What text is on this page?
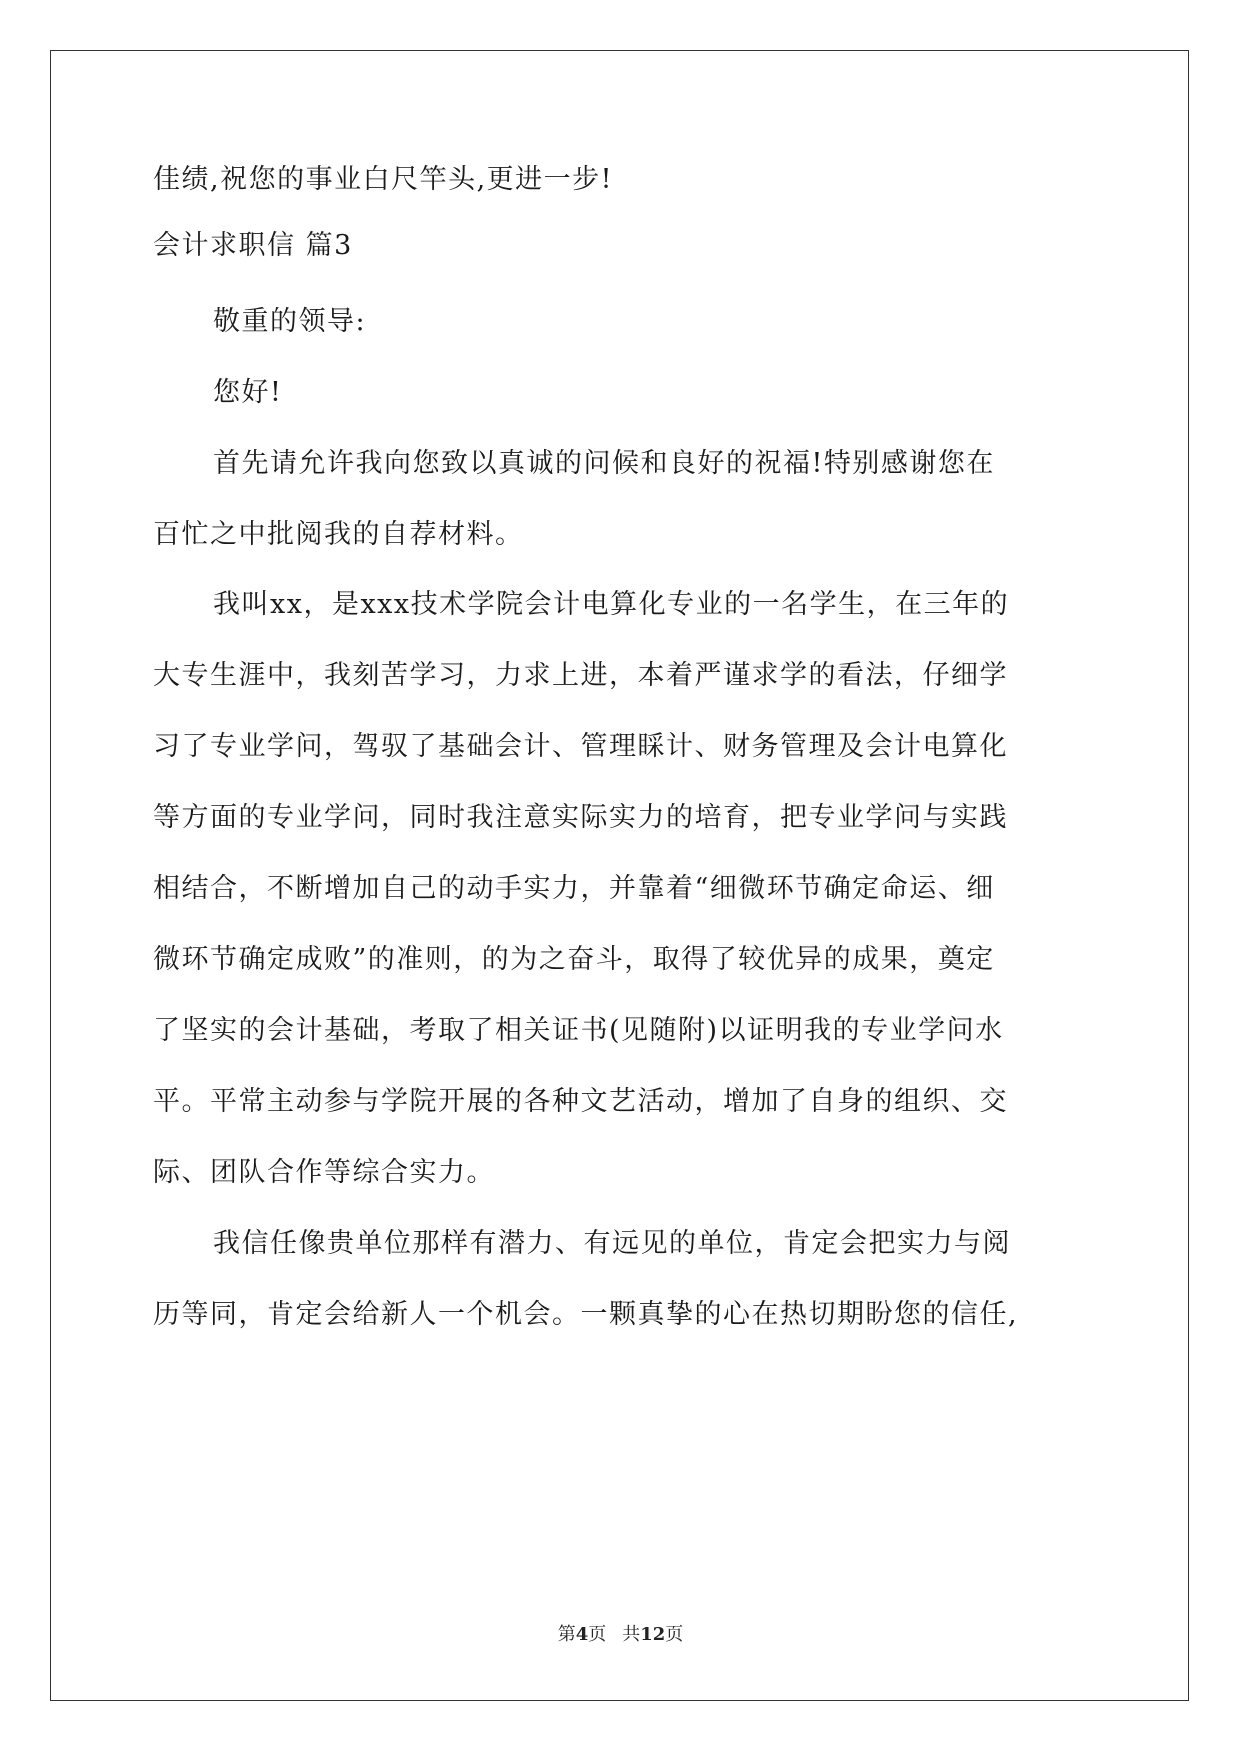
佳绩,祝您的事业白尺竿头,更进一步!

会计求职信 篇3

敬重的领导:

您好!

首先请允许我向您致以真诚的问候和良好的祝福!特别感谢您在

百忙之中批阅我的自荐材料。

我叫xx，是xxx技术学院会计电算化专业的一名学生，在三年的

大专生涯中，我刻苦学习，力求上进，本着严谨求学的看法，仔细学

习了专业学问，驾驭了基础会计、管理睬计、财务管理及会计电算化

等方面的专业学问，同时我注意实际实力的培育，把专业学问与实践

相结合，不断增加自己的动手实力，并靠着“细微环节确定命运、细

微环节确定成败”的准则，的为之奋斗，取得了较优异的成果，奠定

了坚实的会计基础，考取了相关证书(见随附)以证明我的专业学问水

平。平常主动参与学院开展的各种文艺活动，增加了自身的组织、交

际、团队合作等综合实力。

我信任像贵单位那样有潜力、有远见的单位，肯定会把实力与阅

历等同，肯定会给新人一个机会。一颗真挚的心在热切期盼您的信任,

第4页 共12页
